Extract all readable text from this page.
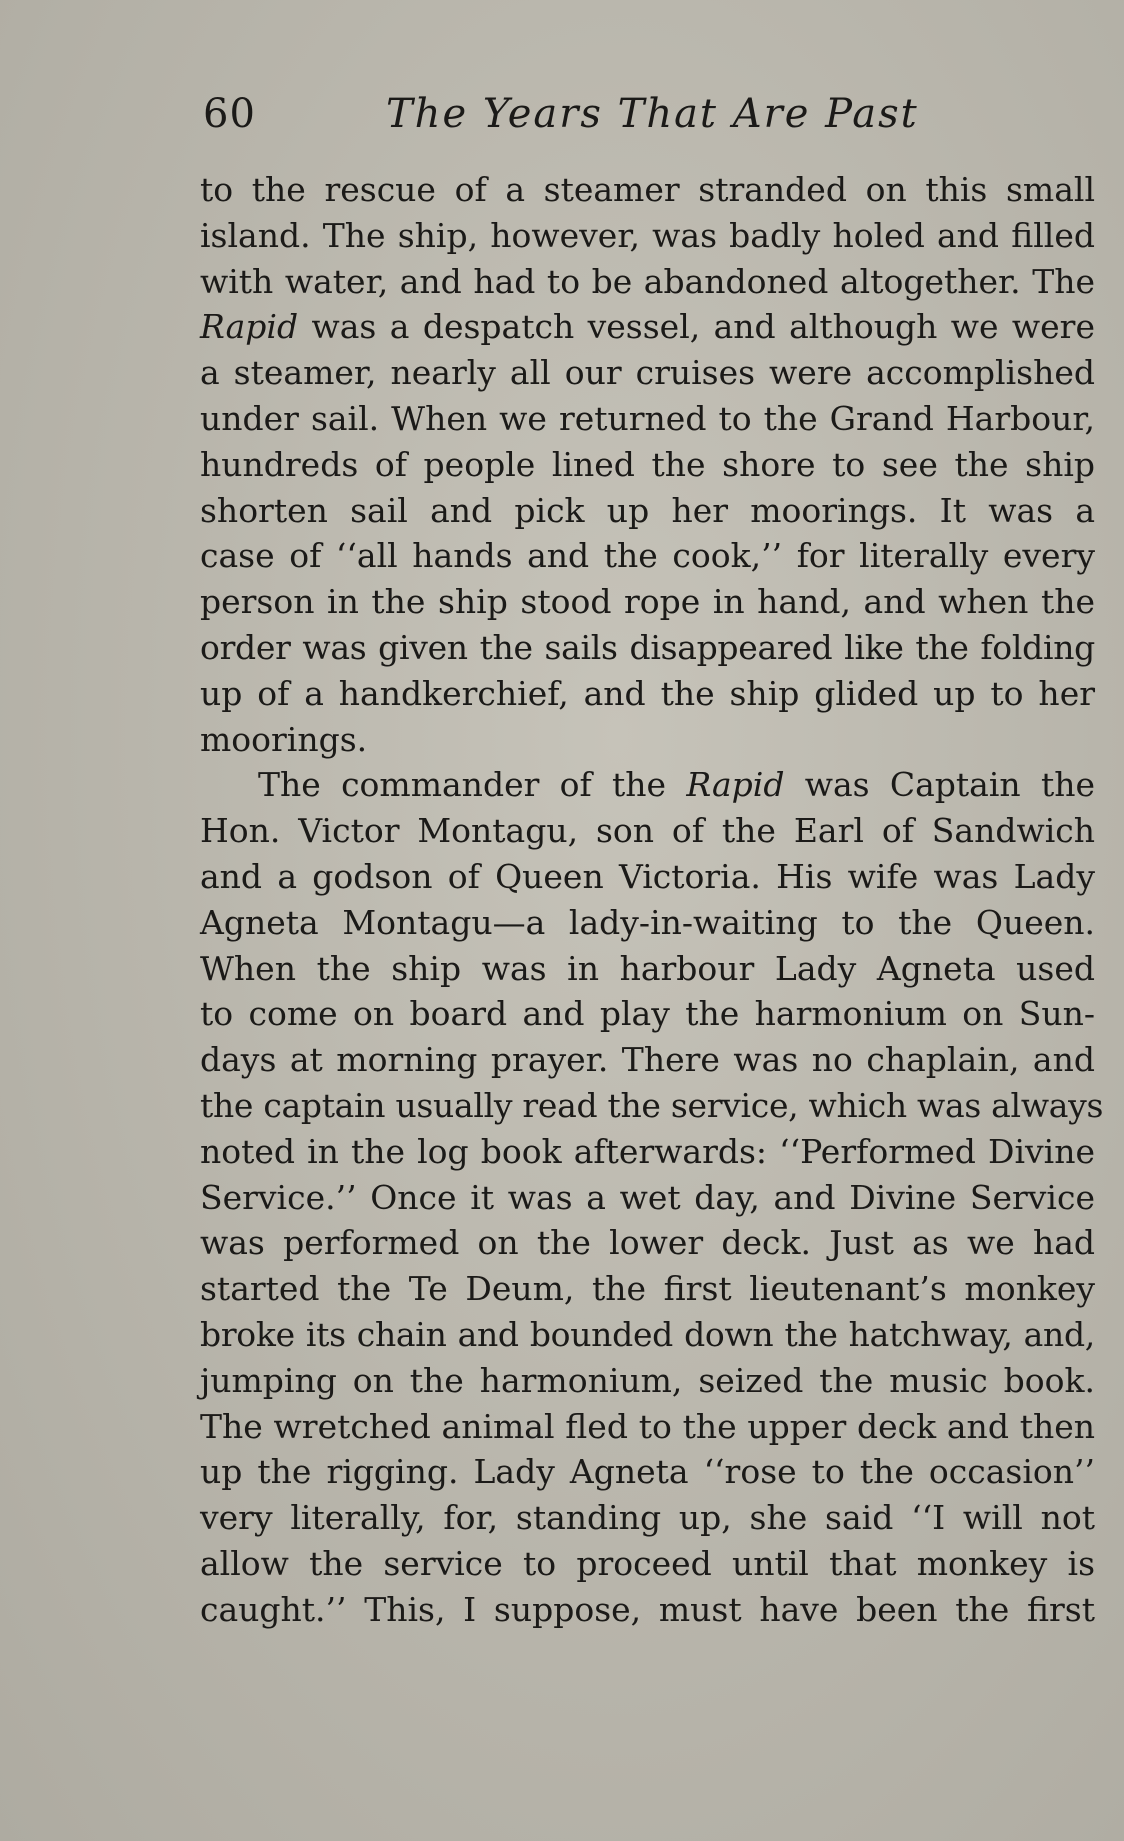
60	The Years That Are Past
to the rescue of a steamer stranded on this small
island. The ship, however, was badly holed and filled
with water, and had to be abandoned altogether. The
Rapid was a despatch vessel, and although we were
a steamer, nearly all our cruises were accomplished
under sail. When we returned to the Grand Harbour,
hundreds of people lined the shore to see the ship
shorten sail and pick up her moorings. It was a
case of ‘‘all hands and the cook,’’ for literally every
person in the ship stood rope in hand, and when the
order was given the sails disappeared like the folding
up of a handkerchief, and the ship glided up to her
moorings.
The commander of the Rapid was Captain the
Hon. Victor Montagu, son of the Earl of Sandwich
and a godson of Queen Victoria. His wife was Lady
Agneta Montagu—a lady-in-waiting to the Queen.
When the ship was in harbour Lady Agneta used
to come on board and play the harmonium on Sun-
days at morning prayer. There was no chaplain, and
the captain usually read the service, which was always
noted in the log book afterwards: ‘‘Performed Divine
Service.’’ Once it was a wet day, and Divine Service
was performed on the lower deck. Just as we had
started the Te Deum, the first lieutenant’s monkey
broke its chain and bounded down the hatchway, and,
jumping on the harmonium, seized the music book.
The wretched animal fled to the upper deck and then
up the rigging. Lady Agneta ‘‘rose to the occasion’’
very literally, for, standing up, she said ‘‘I will not
allow the service to proceed until that monkey is
caught.’’ This, I suppose, must have been the first
